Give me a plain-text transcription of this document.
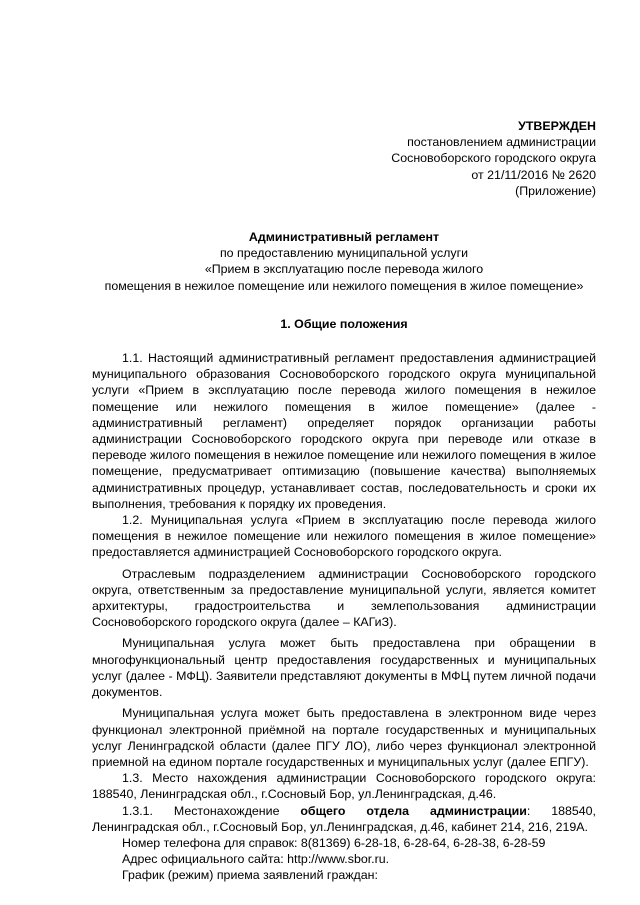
УТВЕРЖДЕН
постановлением администрации
Сосновоборского городского округа
от 21/11/2016 № 2620
(Приложение)
Административный регламент
по предоставлению муниципальной услуги
«Прием в эксплуатацию после перевода жилого
помещения в нежилое помещение или нежилого помещения в жилое помещение»
1. Общие положения

1.1. Настоящий административный регламент предоставления администрацией муниципального образования Сосновоборского городского округа муниципальной услуги «Прием в эксплуатацию после перевода жилого помещения в нежилое помещение или нежилого помещения в жилое помещение» (далее - административный регламент) определяет порядок организации работы администрации Сосновоборского городского округа при переводе или отказе в переводе жилого помещения в нежилое помещение или нежилого помещения в жилое помещение, предусматривает оптимизацию (повышение качества) выполняемых административных процедур, устанавливает состав, последовательность и сроки их выполнения, требования к порядку их проведения.

1.2. Муниципальная услуга «Прием в эксплуатацию после перевода жилого помещения в нежилое помещение или нежилого помещения в жилое помещение» предоставляется администрацией Сосновоборского городского округа.

Отраслевым подразделением администрации Сосновоборского городского округа, ответственным за предоставление муниципальной услуги, является комитет архитектуры, градостроительства и землепользования администрации Сосновоборского городского округа (далее – КАГиЗ).

Муниципальная услуга может быть предоставлена при обращении в многофункциональный центр предоставления государственных и муниципальных услуг (далее - МФЦ). Заявители представляют документы в МФЦ путем личной подачи документов.

Муниципальная услуга может быть предоставлена в электронном виде через функционал электронной приёмной на портале государственных и муниципальных услуг Ленинградской области (далее ПГУ ЛО), либо через функционал электронной приемной на едином портале государственных и муниципальных услуг (далее ЕПГУ).

1.3. Место нахождения администрации Сосновоборского городского округа: 188540, Ленинградская обл., г.Сосновый Бор, ул.Ленинградская, д.46.

1.3.1. Местонахождение общего отдела администрации: 188540, Ленинградская обл., г.Сосновый Бор, ул.Ленинградская, д.46, кабинет 214, 216, 219А.

Номер телефона для справок: 8(81369) 6-28-18, 6-28-64, 6-28-38, 6-28-59

Адрес официального сайта: http://www.sbor.ru.

График (режим) приема заявлений граждан:
